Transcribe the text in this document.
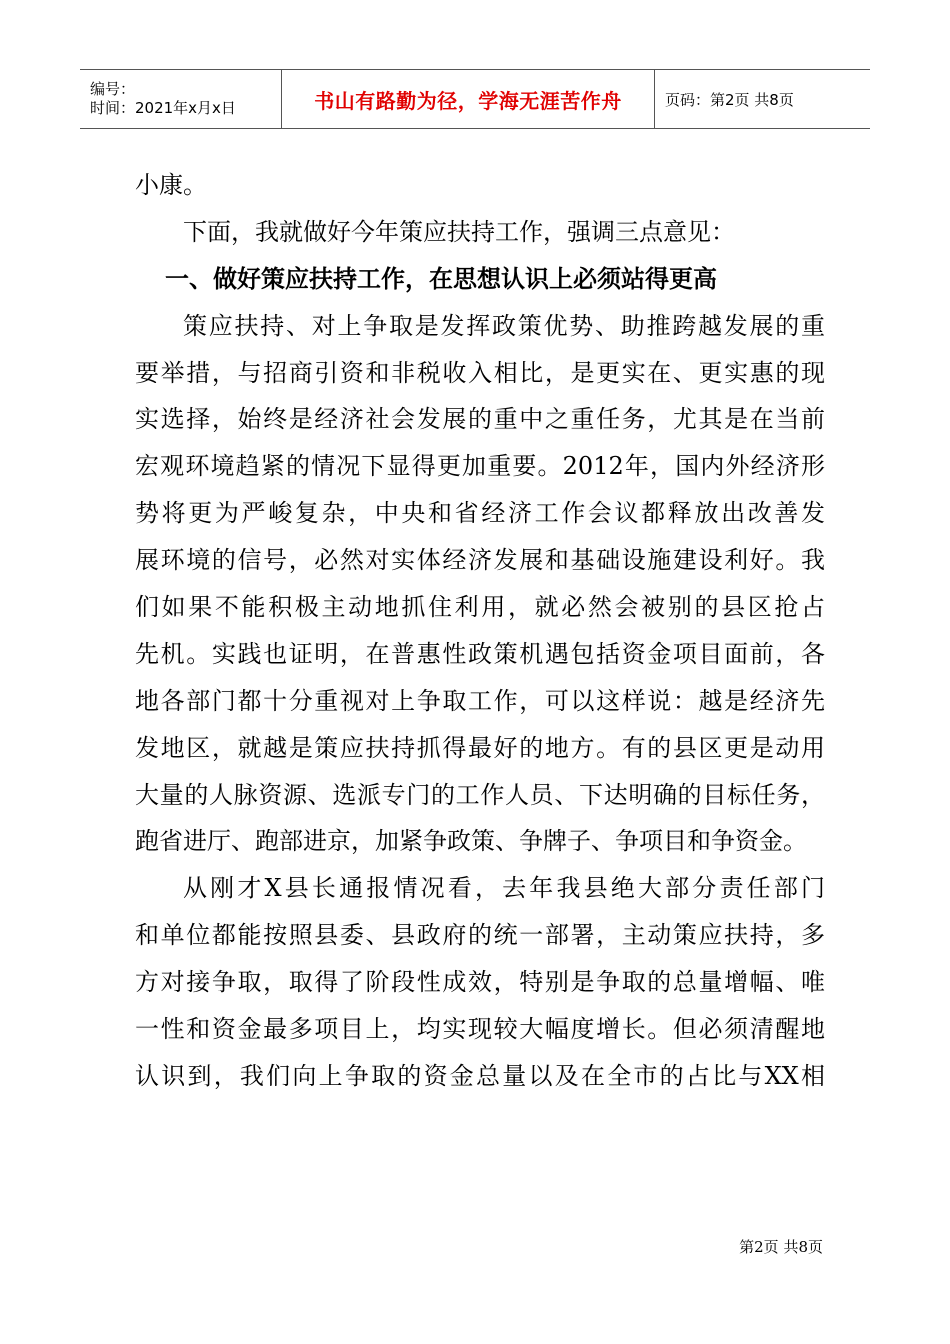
编号：
时间：2021年x月x日	书山有路勤为径，学海无涯苦作舟	页码：第2页 共8页
小康。
下面，我就做好今年策应扶持工作，强调三点意见：
一、做好策应扶持工作，在思想认识上必须站得更高
策应扶持、对上争取是发挥政策优势、助推跨越发展的重
要举措，与招商引资和非税收入相比，是更实在、更实惠的现
实选择，始终是经济社会发展的重中之重任务，尤其是在当前
宏观环境趋紧的情况下显得更加重要。2012年，国内外经济形
势将更为严峻复杂，中央和省经济工作会议都释放出改善发
展环境的信号，必然对实体经济发展和基础设施建设利好。我
们如果不能积极主动地抓住利用，就必然会被别的县区抢占
先机。实践也证明，在普惠性政策机遇包括资金项目面前，各
地各部门都十分重视对上争取工作，可以这样说：越是经济先
发地区，就越是策应扶持抓得最好的地方。有的县区更是动用
大量的人脉资源、选派专门的工作人员、下达明确的目标任务，
跑省进厅、跑部进京，加紧争政策、争牌子、争项目和争资金。
从刚才X县长通报情况看，去年我县绝大部分责任部门
和单位都能按照县委、县政府的统一部署，主动策应扶持，多
方对接争取，取得了阶段性成效，特别是争取的总量增幅、唯
一性和资金最多项目上，均实现较大幅度增长。但必须清醒地
认识到，我们向上争取的资金总量以及在全市的占比与XX相
第2页 共8页
